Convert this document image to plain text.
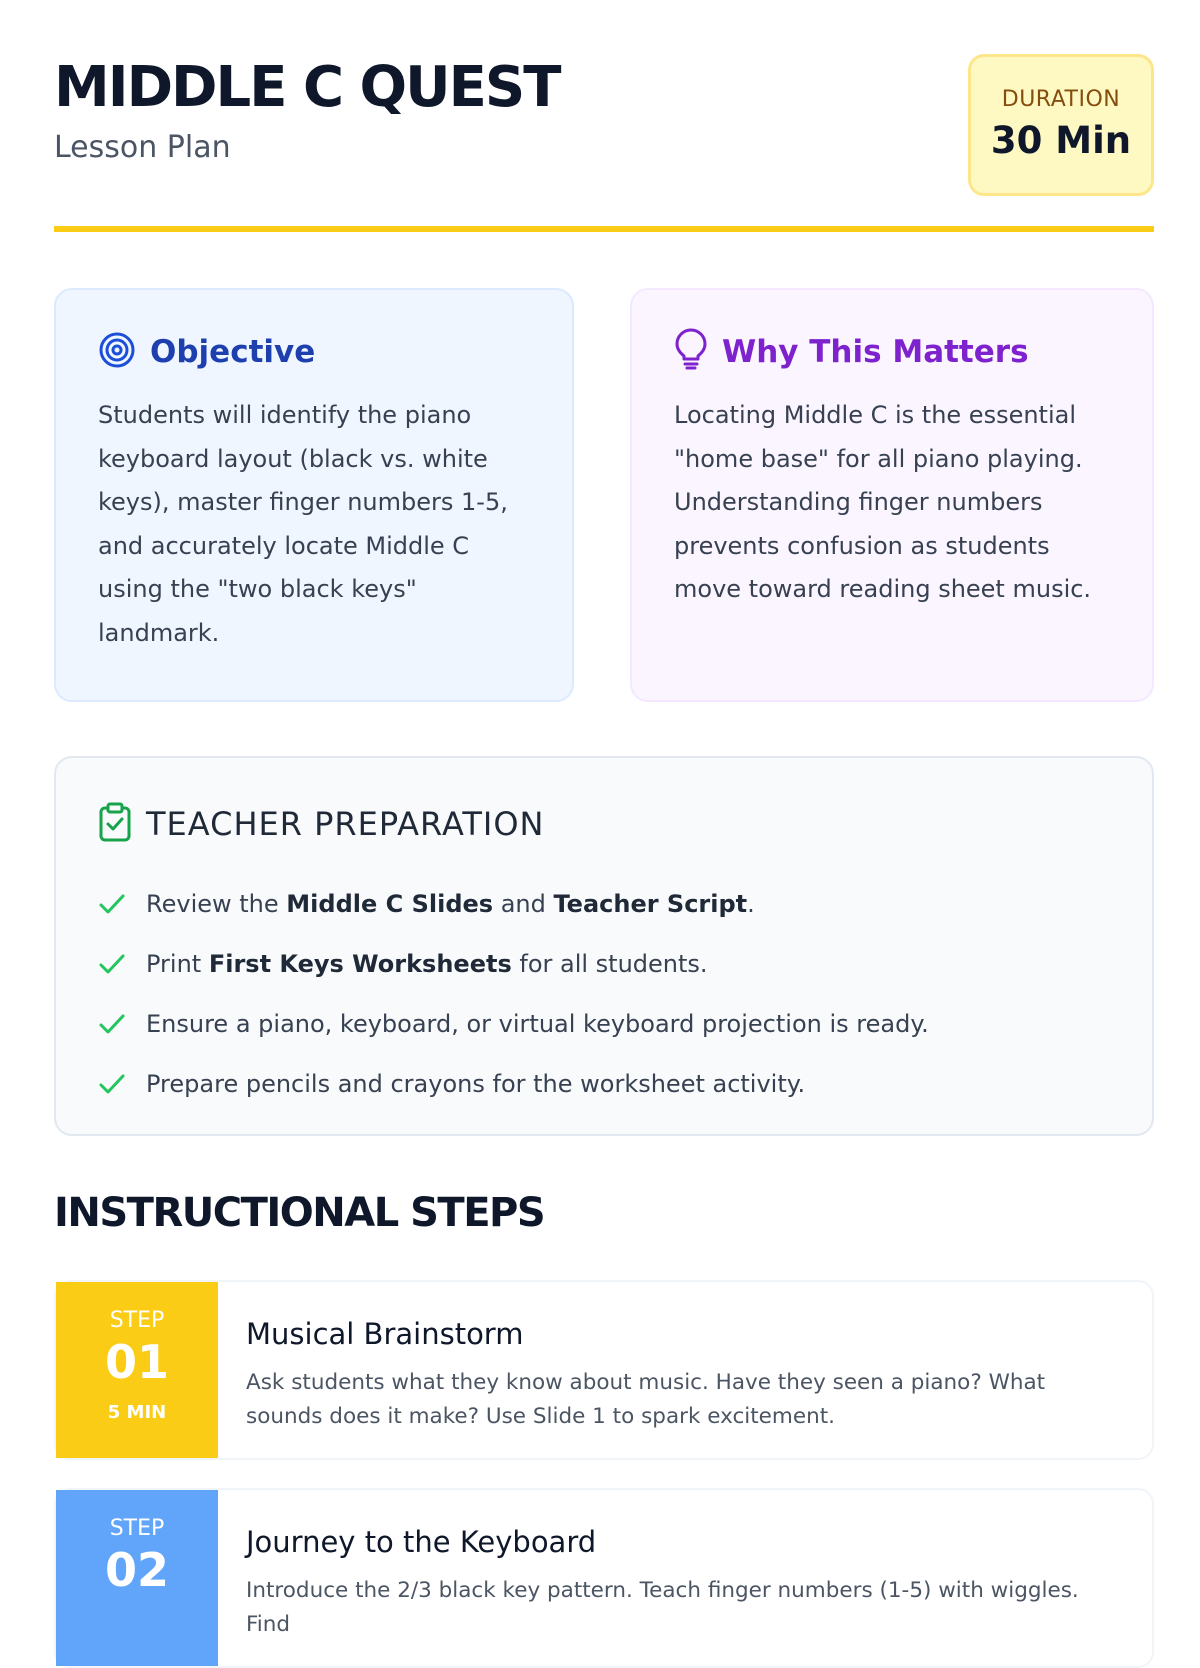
MIDDLE C QUEST
Lesson Plan
DURATION
30 Min
Objective
Students will identify the piano keyboard layout (black vs. white keys), master finger numbers 1-5, and accurately locate Middle C using the "two black keys" landmark.
Why This Matters
Locating Middle C is the essential "home base" for all piano playing. Understanding finger numbers prevents confusion as students move toward reading sheet music.
TEACHER PREPARATION
Review the Middle C Slides and Teacher Script.
Print First Keys Worksheets for all students.
Ensure a piano, keyboard, or virtual keyboard projection is ready.
Prepare pencils and crayons for the worksheet activity.
INSTRUCTIONAL STEPS
STEP
01
5 MIN
Musical Brainstorm
Ask students what they know about music. Have they seen a piano? What sounds does it make? Use Slide 1 to spark excitement.
STEP
02
Journey to the Keyboard
Introduce the 2/3 black key pattern. Teach finger numbers (1-5) with wiggles. Find
